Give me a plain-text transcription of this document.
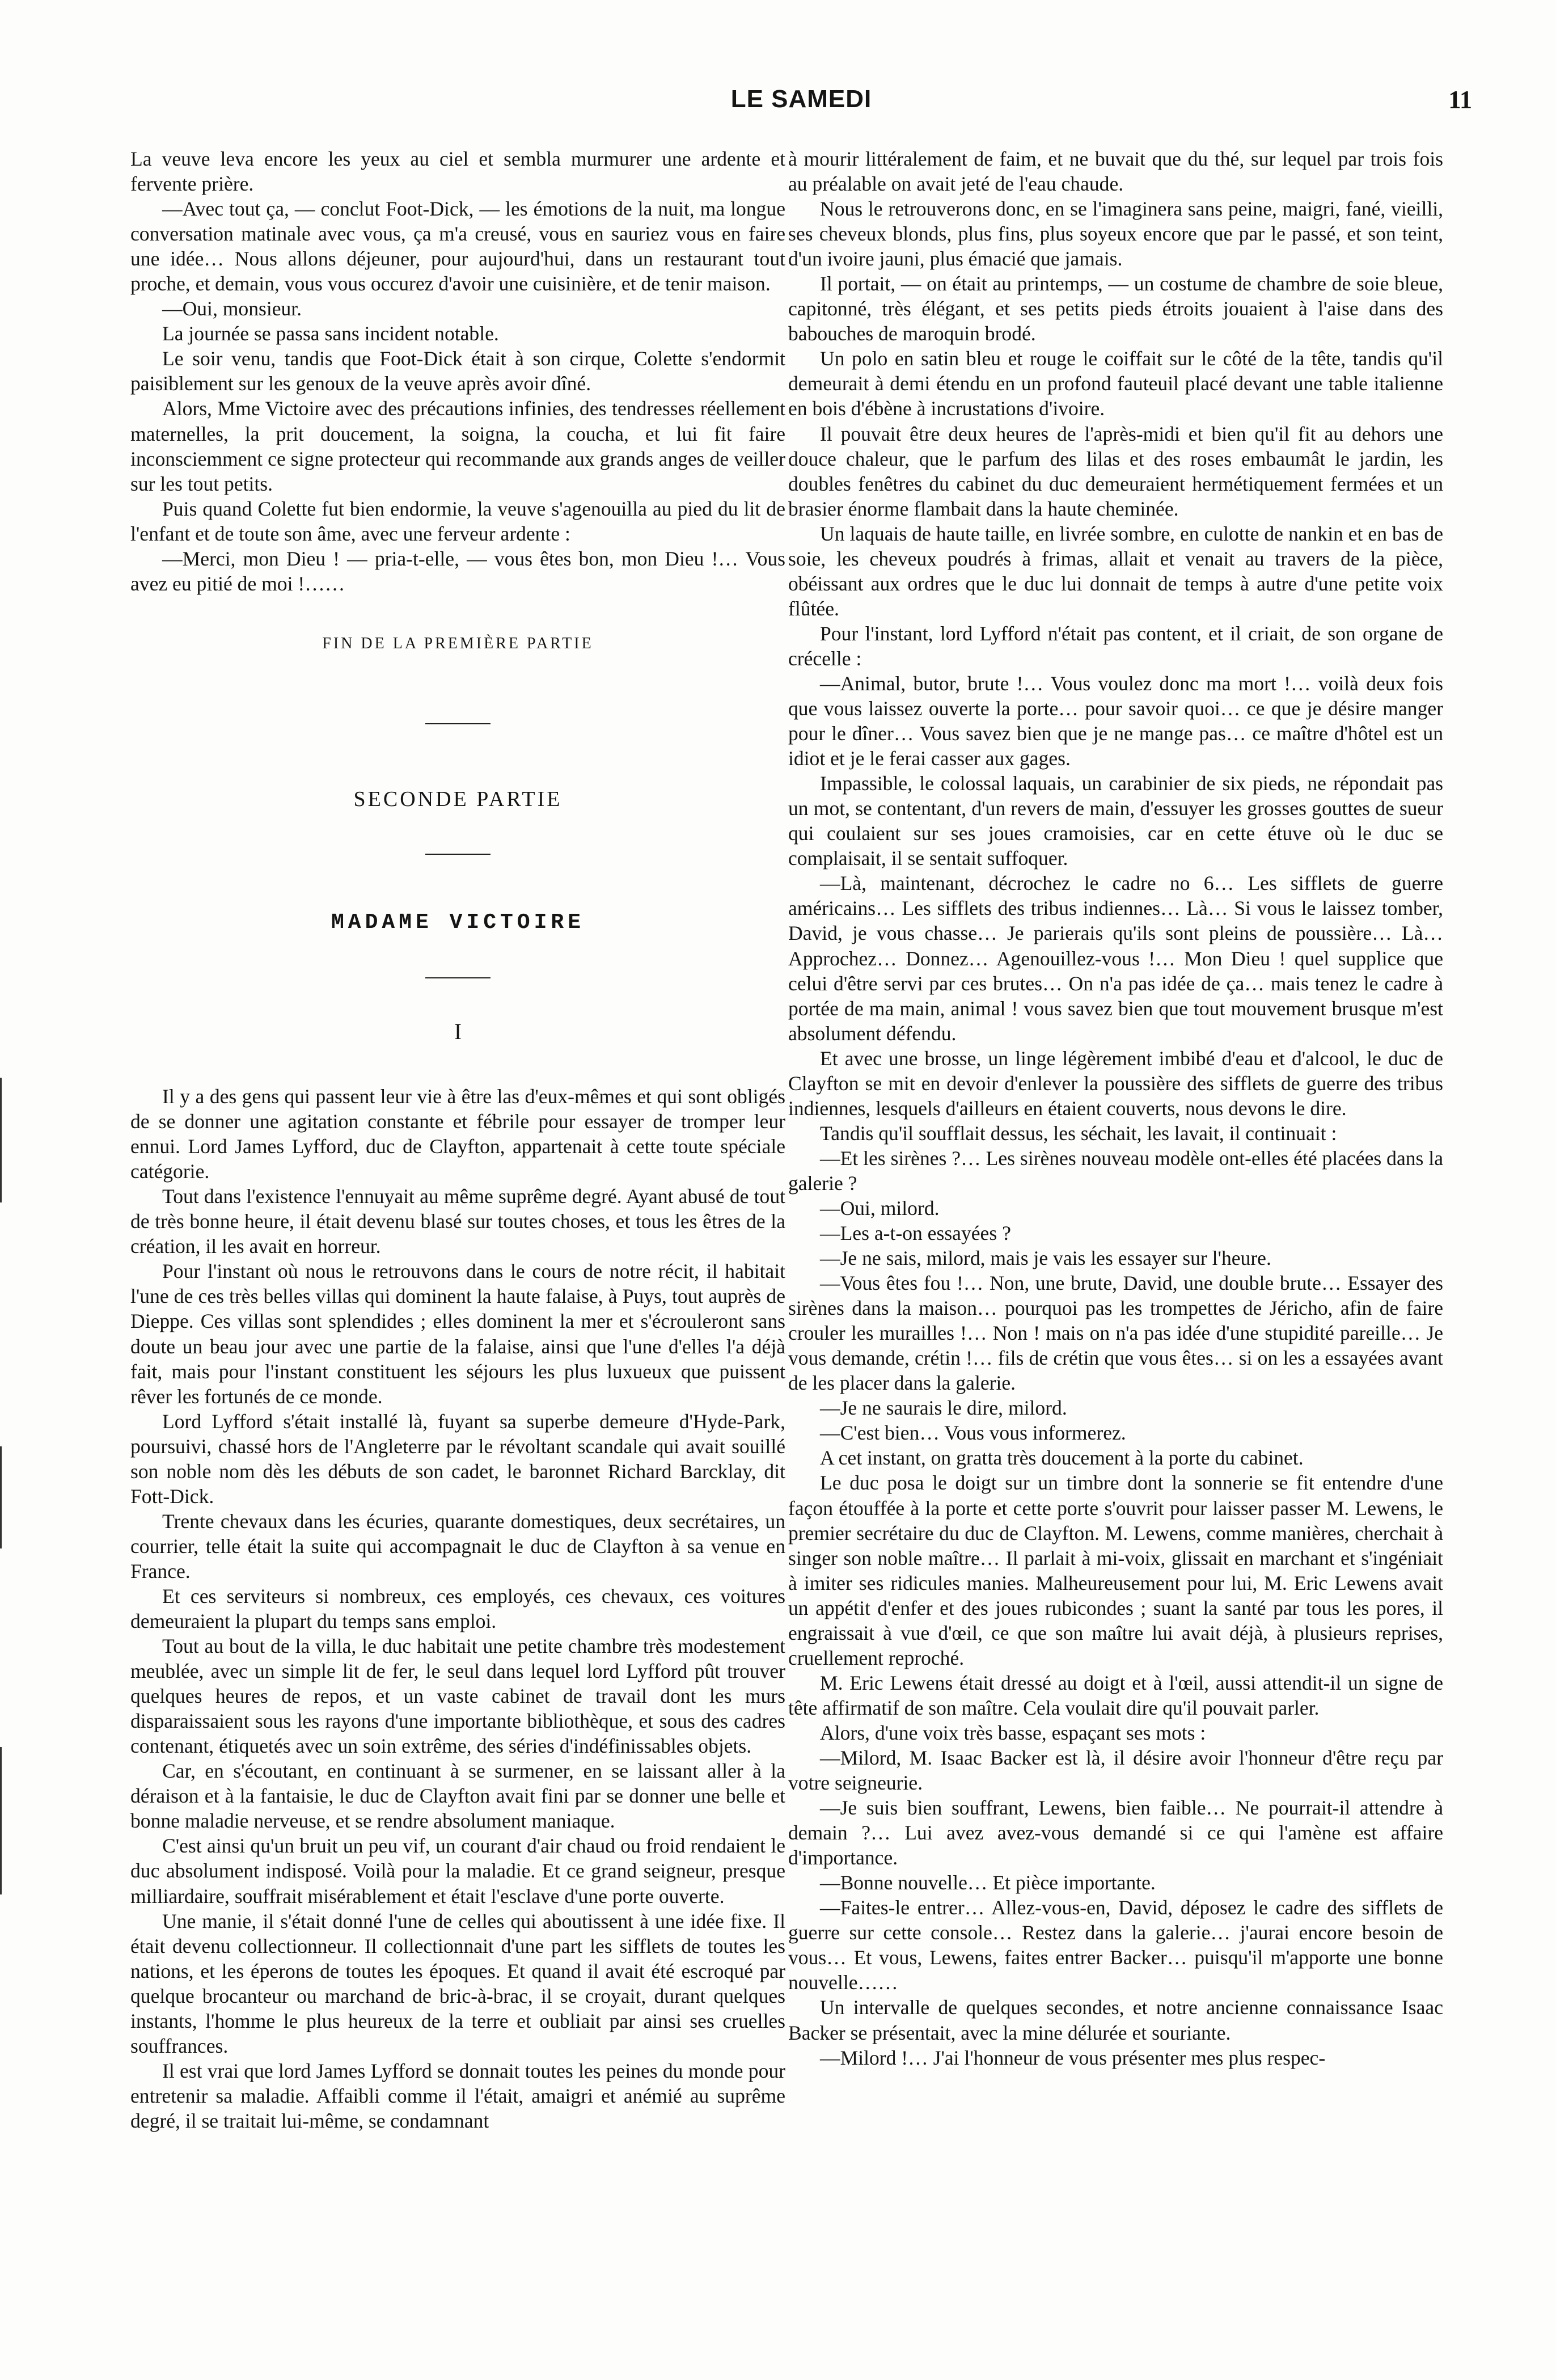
LE SAMEDI	11

La veuve leva encore les yeux au ciel et sembla murmurer une ardente et fervente prière.

—Avec tout ça, — conclut Foot-Dick, — les émotions de la nuit, ma longue conversation matinale avec vous, ça m'a creusé, vous en sauriez vous en faire une idée… Nous allons déjeuner, pour aujourd'hui, dans un restaurant tout proche, et demain, vous vous occurez d'avoir une cuisinière, et de tenir maison.

—Oui, monsieur.

La journée se passa sans incident notable.

Le soir venu, tandis que Foot-Dick était à son cirque, Colette s'endormit paisiblement sur les genoux de la veuve après avoir dîné.

Alors, Mme Victoire avec des précautions infinies, des tendresses réellement maternelles, la prit doucement, la soigna, la coucha, et lui fit faire inconsciemment ce signe protecteur qui recommande aux grands anges de veiller sur les tout petits.

Puis quand Colette fut bien endormie, la veuve s'agenouilla au pied du lit de l'enfant et de toute son âme, avec une ferveur ardente :

—Merci, mon Dieu ! — pria-t-elle, — vous êtes bon, mon Dieu !… Vous avez eu pitié de moi !……

FIN DE LA PREMIÈRE PARTIE
SECONDE PARTIE
MADAME VICTOIRE
I

Il y a des gens qui passent leur vie à être las d'eux-mêmes et qui sont obligés de se donner une agitation constante et fébrile pour essayer de tromper leur ennui. Lord James Lyfford, duc de Clayfton, appartenait à cette toute spéciale catégorie.

Tout dans l'existence l'ennuyait au même suprême degré. Ayant abusé de tout de très bonne heure, il était devenu blasé sur toutes choses, et tous les êtres de la création, il les avait en horreur.

Pour l'instant où nous le retrouvons dans le cours de notre récit, il habitait l'une de ces très belles villas qui dominent la haute falaise, à Puys, tout auprès de Dieppe. Ces villas sont splendides ; elles dominent la mer et s'écrouleront sans doute un beau jour avec une partie de la falaise, ainsi que l'une d'elles l'a déjà fait, mais pour l'instant constituent les séjours les plus luxueux que puissent rêver les fortunés de ce monde.

Lord Lyfford s'était installé là, fuyant sa superbe demeure d'Hyde-Park, poursuivi, chassé hors de l'Angleterre par le révoltant scandale qui avait souillé son noble nom dès les débuts de son cadet, le baronnet Richard Barcklay, dit Fott-Dick.

Trente chevaux dans les écuries, quarante domestiques, deux secrétaires, un courrier, telle était la suite qui accompagnait le duc de Clayfton à sa venue en France.

Et ces serviteurs si nombreux, ces employés, ces chevaux, ces voitures demeuraient la plupart du temps sans emploi.

Tout au bout de la villa, le duc habitait une petite chambre très modestement meublée, avec un simple lit de fer, le seul dans lequel lord Lyfford pût trouver quelques heures de repos, et un vaste cabinet de travail dont les murs disparaissaient sous les rayons d'une importante bibliothèque, et sous des cadres contenant, étiquetés avec un soin extrême, des séries d'indéfinissables objets.

Car, en s'écoutant, en continuant à se surmener, en se laissant aller à la déraison et à la fantaisie, le duc de Clayfton avait fini par se donner une belle et bonne maladie nerveuse, et se rendre absolument maniaque.

C'est ainsi qu'un bruit un peu vif, un courant d'air chaud ou froid rendaient le duc absolument indisposé. Voilà pour la maladie. Et ce grand seigneur, presque milliardaire, souffrait misérablement et était l'esclave d'une porte ouverte.

Une manie, il s'était donné l'une de celles qui aboutissent à une idée fixe. Il était devenu collectionneur. Il collectionnait d'une part les sifflets de toutes les nations, et les éperons de toutes les époques. Et quand il avait été escroqué par quelque brocanteur ou marchand de bric-à-brac, il se croyait, durant quelques instants, l'homme le plus heureux de la terre et oubliait par ainsi ses cruelles souffrances.

Il est vrai que lord James Lyfford se donnait toutes les peines du monde pour entretenir sa maladie. Affaibli comme il l'était, amaigri et anémié au suprême degré, il se traitait lui-même, se condamnant

à mourir littéralement de faim, et ne buvait que du thé, sur lequel par trois fois au préalable on avait jeté de l'eau chaude.

Nous le retrouverons donc, en se l'imaginera sans peine, maigri, fané, vieilli, ses cheveux blonds, plus fins, plus soyeux encore que par le passé, et son teint, d'un ivoire jauni, plus émacié que jamais.

Il portait, — on était au printemps, — un costume de chambre de soie bleue, capitonné, très élégant, et ses petits pieds étroits jouaient à l'aise dans des babouches de maroquin brodé.

Un polo en satin bleu et rouge le coiffait sur le côté de la tête, tandis qu'il demeurait à demi étendu en un profond fauteuil placé devant une table italienne en bois d'ébène à incrustations d'ivoire.

Il pouvait être deux heures de l'après-midi et bien qu'il fit au dehors une douce chaleur, que le parfum des lilas et des roses embaumât le jardin, les doubles fenêtres du cabinet du duc demeuraient hermétiquement fermées et un brasier énorme flambait dans la haute cheminée.

Un laquais de haute taille, en livrée sombre, en culotte de nankin et en bas de soie, les cheveux poudrés à frimas, allait et venait au travers de la pièce, obéissant aux ordres que le duc lui donnait de temps à autre d'une petite voix flûtée.

Pour l'instant, lord Lyfford n'était pas content, et il criait, de son organe de crécelle :

—Animal, butor, brute !… Vous voulez donc ma mort !… voilà deux fois que vous laissez ouverte la porte… pour savoir quoi… ce que je désire manger pour le dîner… Vous savez bien que je ne mange pas… ce maître d'hôtel est un idiot et je le ferai casser aux gages.

Impassible, le colossal laquais, un carabinier de six pieds, ne répondait pas un mot, se contentant, d'un revers de main, d'essuyer les grosses gouttes de sueur qui coulaient sur ses joues cramoisies, car en cette étuve où le duc se complaisait, il se sentait suffoquer.

—Là, maintenant, décrochez le cadre no 6… Les sifflets de guerre américains… Les sifflets des tribus indiennes… Là… Si vous le laissez tomber, David, je vous chasse… Je parierais qu'ils sont pleins de poussière… Là… Approchez… Donnez… Agenouillez-vous !… Mon Dieu ! quel supplice que celui d'être servi par ces brutes… On n'a pas idée de ça… mais tenez le cadre à portée de ma main, animal ! vous savez bien que tout mouvement brusque m'est absolument défendu.

Et avec une brosse, un linge légèrement imbibé d'eau et d'alcool, le duc de Clayfton se mit en devoir d'enlever la poussière des sifflets de guerre des tribus indiennes, lesquels d'ailleurs en étaient couverts, nous devons le dire.

Tandis qu'il soufflait dessus, les séchait, les lavait, il continuait :

—Et les sirènes ?… Les sirènes nouveau modèle ont-elles été placées dans la galerie ?

—Oui, milord.

—Les a-t-on essayées ?

—Je ne sais, milord, mais je vais les essayer sur l'heure.

—Vous êtes fou !… Non, une brute, David, une double brute… Essayer des sirènes dans la maison… pourquoi pas les trompettes de Jéricho, afin de faire crouler les murailles !… Non ! mais on n'a pas idée d'une stupidité pareille… Je vous demande, crétin !… fils de crétin que vous êtes… si on les a essayées avant de les placer dans la galerie.

—Je ne saurais le dire, milord.

—C'est bien… Vous vous informerez.

A cet instant, on gratta très doucement à la porte du cabinet.

Le duc posa le doigt sur un timbre dont la sonnerie se fit entendre d'une façon étouffée à la porte et cette porte s'ouvrit pour laisser passer M. Lewens, le premier secrétaire du duc de Clayfton. M. Lewens, comme manières, cherchait à singer son noble maître… Il parlait à mi-voix, glissait en marchant et s'ingéniait à imiter ses ridicules manies. Malheureusement pour lui, M. Eric Lewens avait un appétit d'enfer et des joues rubicondes ; suant la santé par tous les pores, il engraissait à vue d'œil, ce que son maître lui avait déjà, à plusieurs reprises, cruellement reproché.

M. Eric Lewens était dressé au doigt et à l'œil, aussi attendit-il un signe de tête affirmatif de son maître. Cela voulait dire qu'il pouvait parler.

Alors, d'une voix très basse, espaçant ses mots :

—Milord, M. Isaac Backer est là, il désire avoir l'honneur d'être reçu par votre seigneurie.

—Je suis bien souffrant, Lewens, bien faible… Ne pourrait-il attendre à demain ?… Lui avez avez-vous demandé si ce qui l'amène est affaire d'importance.

—Bonne nouvelle… Et pièce importante.

—Faites-le entrer… Allez-vous-en, David, déposez le cadre des sifflets de guerre sur cette console… Restez dans la galerie… j'aurai encore besoin de vous… Et vous, Lewens, faites entrer Backer… puisqu'il m'apporte une bonne nouvelle……

Un intervalle de quelques secondes, et notre ancienne connaissance Isaac Backer se présentait, avec la mine délurée et souriante.

—Milord !… J'ai l'honneur de vous présenter mes plus respec-
